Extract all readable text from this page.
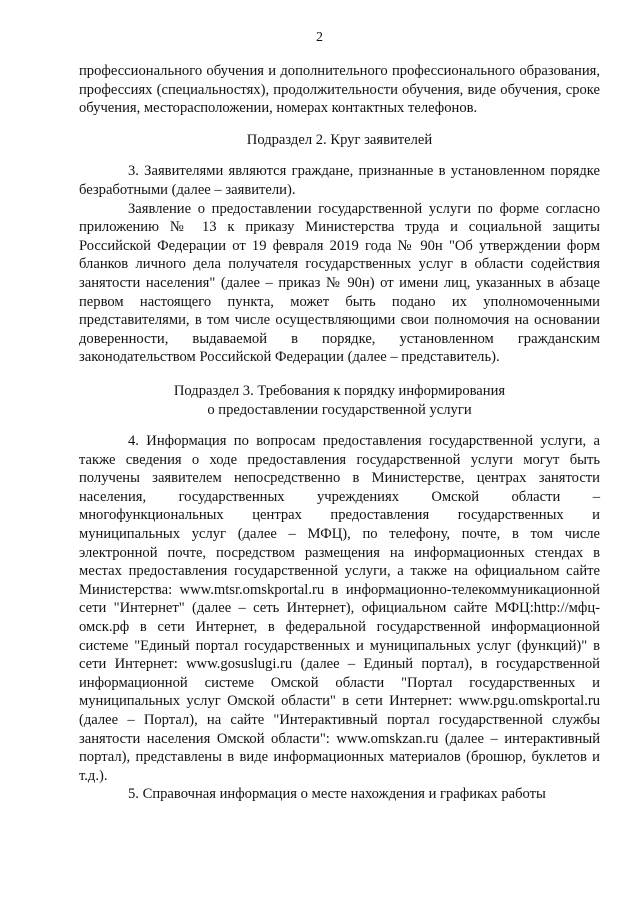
2

профессионального обучения и дополнительного профессионального образования, профессиях (специальностях), продолжительности обучения, виде обучения, сроке обучения, месторасположении, номерах контактных телефонов.

Подраздел 2. Круг заявителей

3. Заявителями являются граждане, признанные в установленном порядке безработными (далее – заявители).

Заявление о предоставлении государственной услуги по форме согласно приложению № 13 к приказу Министерства труда и социальной защиты Российской Федерации от 19 февраля 2019 года № 90н "Об утверждении форм бланков личного дела получателя государственных услуг в области содействия занятости населения" (далее – приказ № 90н) от имени лиц, указанных в абзаце первом настоящего пункта, может быть подано их уполномоченными представителями, в том числе осуществляющими свои полномочия на основании доверенности, выдаваемой в порядке, установленном гражданским законодательством Российской Федерации (далее – представитель).

Подраздел 3. Требования к порядку информирования

о предоставлении государственной услуги

4. Информация по вопросам предоставления государственной услуги, а также сведения о ходе предоставления государственной услуги могут быть получены заявителем непосредственно в Министерстве, центрах занятости населения, государственных учреждениях Омской области – многофункциональных центрах предоставления государственных и муниципальных услуг (далее – МФЦ), по телефону, почте, в том числе электронной почте, посредством размещения на информационных стендах в местах предоставления государственной услуги, а также на официальном сайте Министерства: www.mtsr.omskportal.ru в информационно-телекоммуникационной сети "Интернет" (далее – сеть Интернет), официальном сайте МФЦ:http://мфц-омск.рф в сети Интернет, в федеральной государственной информационной системе "Единый портал государственных и муниципальных услуг (функций)" в сети Интернет: www.gosuslugi.ru (далее – Единый портал), в государственной информационной системе Омской области "Портал государственных и муниципальных услуг Омской области" в сети Интернет: www.pgu.omskportal.ru (далее – Портал), на сайте "Интерактивный портал государственной службы занятости населения Омской области": www.omskzan.ru (далее – интерактивный портал), представлены в виде информационных материалов (брошюр, буклетов и т.д.).

5. Справочная информация о месте нахождения и графиках работы
